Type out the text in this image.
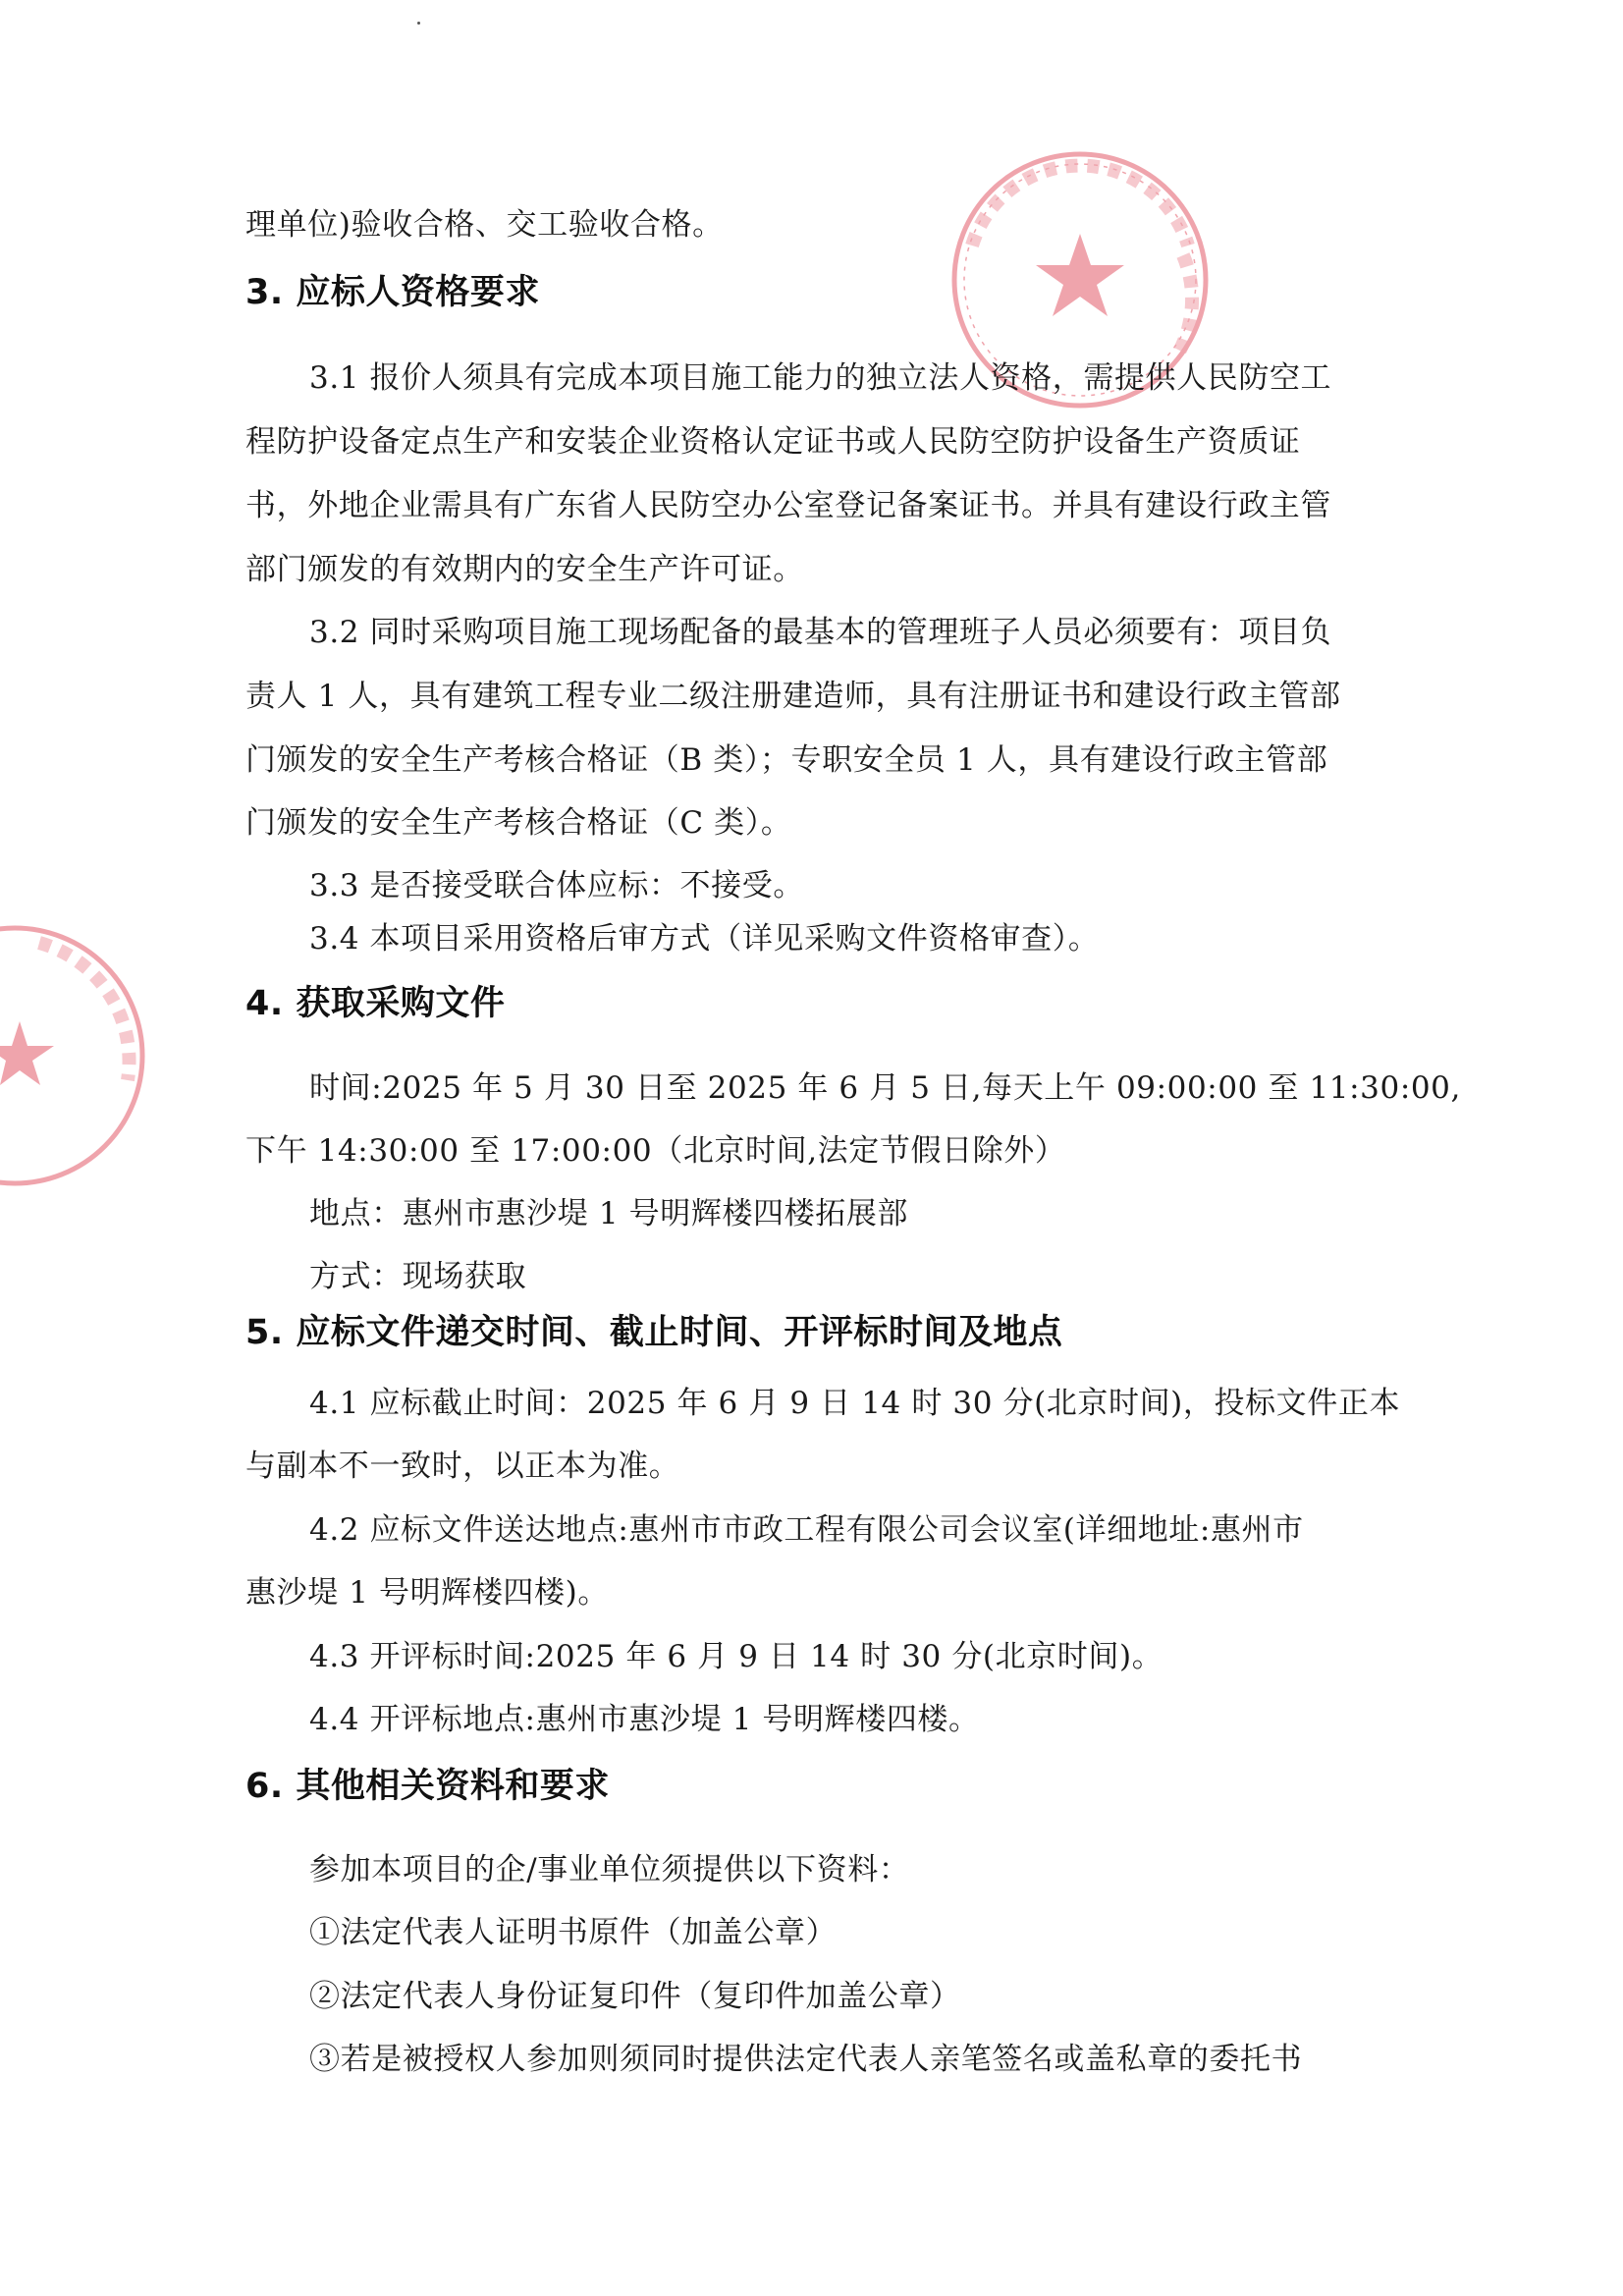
理单位)验收合格、交工验收合格。
3. 应标人资格要求
3.1 报价人须具有完成本项目施工能力的独立法人资格，需提供人民防空工
程防护设备定点生产和安装企业资格认定证书或人民防空防护设备生产资质证
书，外地企业需具有广东省人民防空办公室登记备案证书。并具有建设行政主管
部门颁发的有效期内的安全生产许可证。
3.2 同时采购项目施工现场配备的最基本的管理班子人员必须要有：项目负
责人 1 人，具有建筑工程专业二级注册建造师，具有注册证书和建设行政主管部
门颁发的安全生产考核合格证（B 类）；专职安全员 1 人，具有建设行政主管部
门颁发的安全生产考核合格证（C 类）。
3.3 是否接受联合体应标：不接受。
3.4 本项目采用资格后审方式（详见采购文件资格审查）。
4. 获取采购文件
时间:2025 年 5 月 30 日至 2025 年 6 月 5 日,每天上午 09:00:00 至 11:30:00,
下午 14:30:00 至 17:00:00（北京时间,法定节假日除外）
地点：惠州市惠沙堤 1 号明辉楼四楼拓展部
方式：现场获取
5. 应标文件递交时间、截止时间、开评标时间及地点
4.1 应标截止时间：2025 年 6 月 9 日 14 时 30 分(北京时间)，投标文件正本
与副本不一致时，以正本为准。
4.2 应标文件送达地点:惠州市市政工程有限公司会议室(详细地址:惠州市
惠沙堤 1 号明辉楼四楼)。
4.3 开评标时间:2025 年 6 月 9 日 14 时 30 分(北京时间)。
4.4 开评标地点:惠州市惠沙堤 1 号明辉楼四楼。
6. 其他相关资料和要求
参加本项目的企/事业单位须提供以下资料：
①法定代表人证明书原件（加盖公章）
②法定代表人身份证复印件（复印件加盖公章）
③若是被授权人参加则须同时提供法定代表人亲笔签名或盖私章的委托书
